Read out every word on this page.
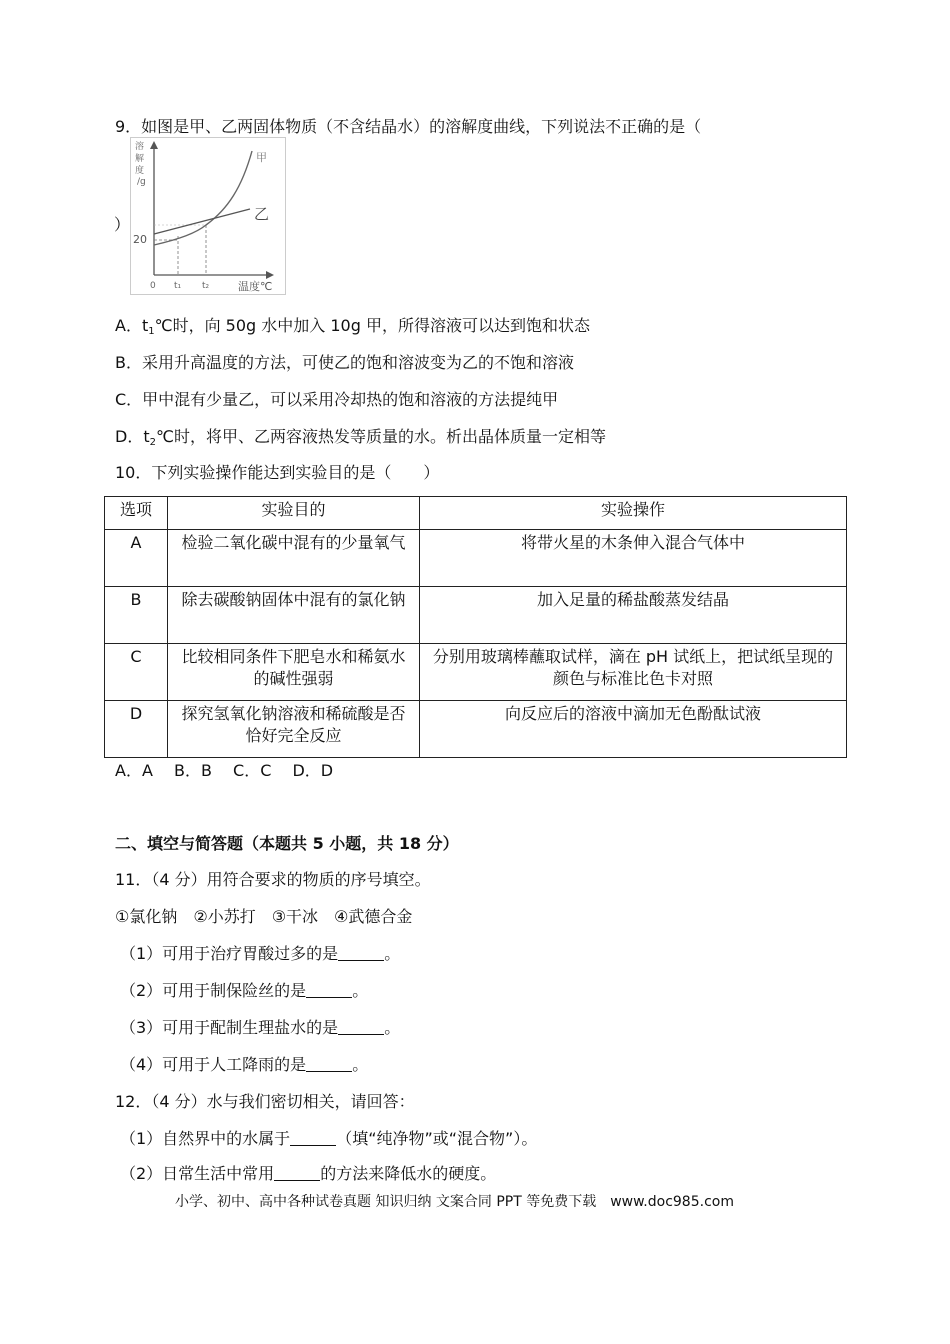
9．如图是甲、乙两固体物质（不含结晶水）的溶解度曲线，下列说法不正确的是（
溶解度/g
20
甲
乙
0 t₁ t₂	温度℃
）
A．$t_1℃$时，向 50g 水中加入 10g 甲，所得溶液可以达到饱和状态
B．采用升高温度的方法，可使乙的饱和溶波变为乙的不饱和溶液
C．甲中混有少量乙，可以采用冷却热的饱和溶液的方法提纯甲
D．$t_2℃$时，将甲、乙两容液热发等质量的水。析出晶体质量一定相等
10．下列实验操作能达到实验目的是（　　）
选项	实验目的	实验操作
A	检验二氧化碳中混有的少量氧气	将带火星的木条伸入混合气体中
B	除去碳酸钠固体中混有的氯化钠	加入足量的稀盐酸蒸发结晶
C	比较相同条件下肥皂水和稀氨水的碱性强弱	分别用玻璃棒蘸取试样，滴在 pH 试纸上，把试纸呈现的颜色与标准比色卡对照
D	探究氢氧化钠溶液和稀硫酸是否恰好完全反应	向反应后的溶液中滴加无色酚酞试液
A．A　 B．B　 C．C　 D．D
二、填空与简答题（本题共 5 小题，共 18 分）
11．（4 分）用符合要求的物质的序号填空。
①氯化钠　②小苏打　③干冰　④武德合金
（1）可用于治疗胃酸过多的是	。
（2）可用于制保险丝的是	。
（3）可用于配制生理盐水的是	。
（4）可用于人工降雨的是	。
12．（4 分）水与我们密切相关，请回答：
（1）自然界中的水属于	（填“纯净物”或“混合物”）。
（2）日常生活中常用	的方法来降低水的硬度。
小学、初中、高中各种试卷真题 知识归纳 文案合同 PPT 等免费下载　www.doc985.com
